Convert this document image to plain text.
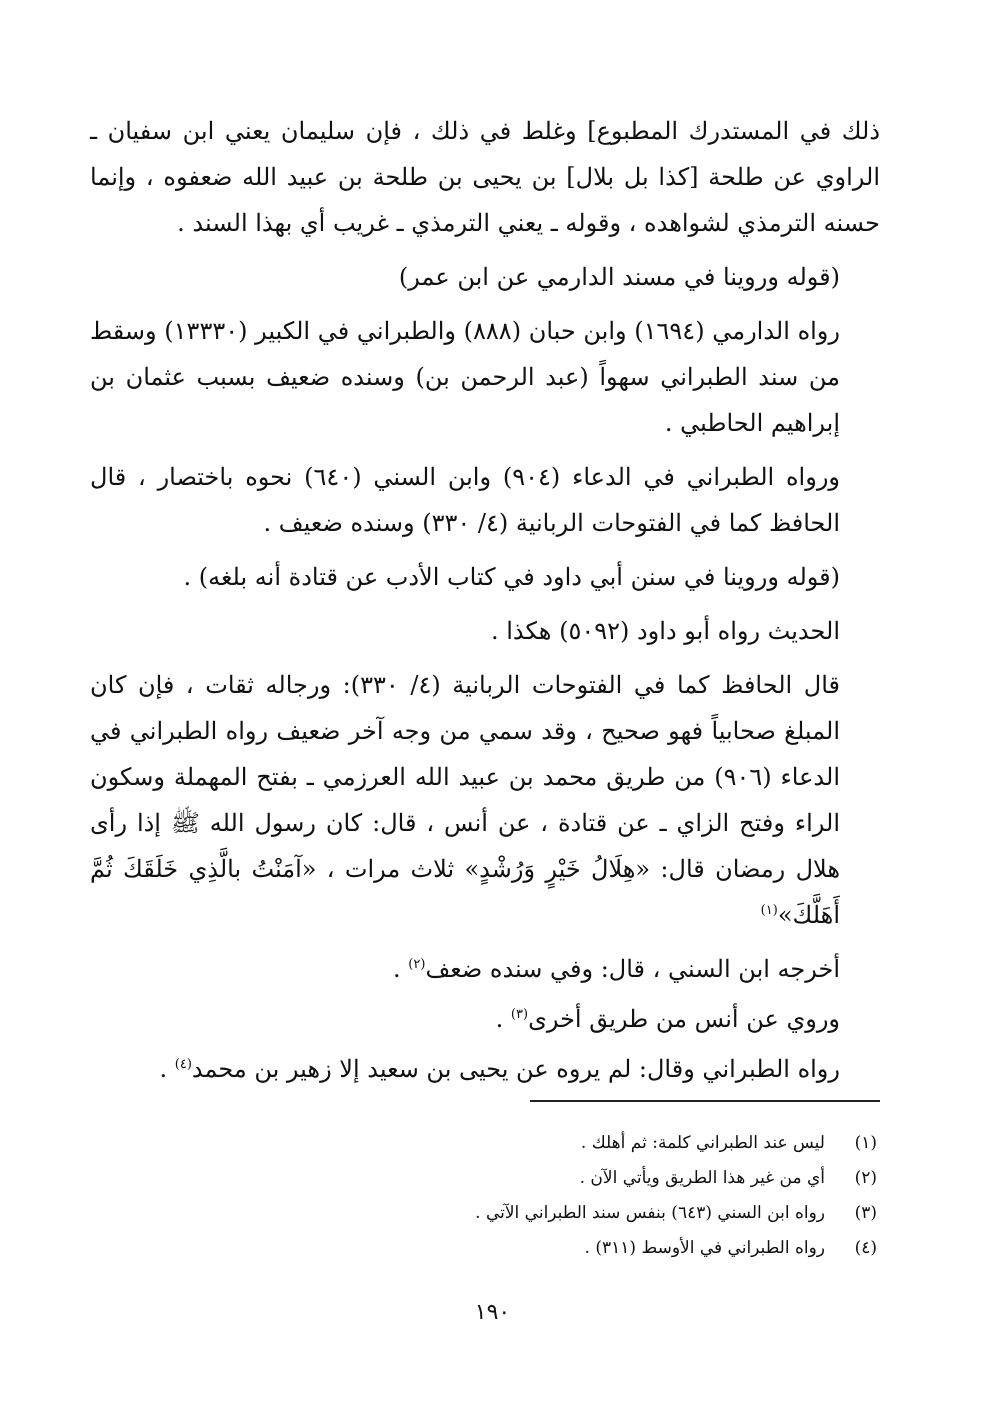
ذلك في المستدرك المطبوع] وغلط في ذلك ، فإن سليمان يعني ابن سفيان ـ الراوي عن طلحة [كذا بل بلال] بن يحيى بن طلحة بن عبيد الله ضعفوه ، وإنما حسنه الترمذي لشواهده ، وقوله ـ يعني الترمذي ـ غريب أي بهذا السند .

(قوله وروينا في مسند الدارمي عن ابن عمر)

رواه الدارمي (١٦٩٤) وابن حبان (٨٨٨) والطبراني في الكبير (١٣٣٣٠) وسقط من سند الطبراني سهواً (عبد الرحمن بن) وسنده ضعيف بسبب عثمان بن إبراهيم الحاطبي .

ورواه الطبراني في الدعاء (٩٠٤) وابن السني (٦٤٠) نحوه باختصار ، قال الحافظ كما في الفتوحات الربانية (٤/ ٣٣٠) وسنده ضعيف .

(قوله وروينا في سنن أبي داود في كتاب الأدب عن قتادة أنه بلغه) .

الحديث رواه أبو داود (٥٠٩٢) هكذا .

قال الحافظ كما في الفتوحات الربانية (٤/ ٣٣٠): ورجاله ثقات ، فإن كان المبلغ صحابياً فهو صحيح ، وقد سمي من وجه آخر ضعيف رواه الطبراني في الدعاء (٩٠٦) من طريق محمد بن عبيد الله العرزمي ـ بفتح المهملة وسكون الراء وفتح الزاي ـ عن قتادة ، عن أنس ، قال: كان رسول الله ﷺ إذا رأى هلال رمضان قال: «هِلَالُ خَيْرٍ وَرُشْدٍ» ثلاث مرات ، «آمَنْتُ بالَّذِي خَلَقَكَ ثُمَّ أَهَلَّكَ»$^{(١)}$

أخرجه ابن السني ، قال: وفي سنده ضعف$^{(٢)}$ .

وروي عن أنس من طريق أخرى$^{(٣)}$ .

رواه الطبراني وقال: لم يروه عن يحيى بن سعيد إلا زهير بن محمد$^{(٤)}$ .

(١)
ليس عند الطبراني كلمة: ثم أهلك .
(٢)
أي من غير هذا الطريق ويأتي الآن .
(٣)
رواه ابن السني (٦٤٣) بنفس سند الطبراني الآتي .
(٤)
رواه الطبراني في الأوسط (٣١١) .
١٩٠
